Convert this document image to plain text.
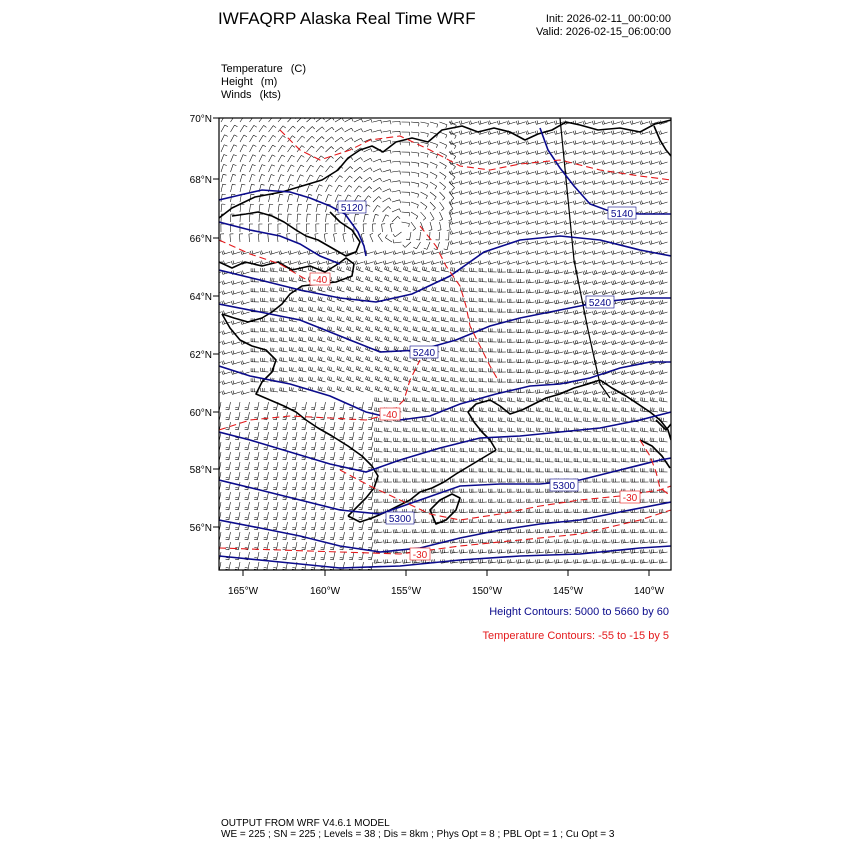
IWFAQRP Alaska Real Time WRF	Init: 2026-02-11_00:00:00
Valid: 2026-02-15_06:00:00
Temperature (C)
Height (m)
Winds (kts)
5120
5140
5240
5240
5300
5300
-40
-40
-30
-30
70°N
68°N
66°N
64°N
62°N
60°N
58°N
56°N
165°W	160°W	155°W	150°W	145°W	140°W
Height Contours: 5000 to 5660 by 60
Temperature Contours: -55 to -15 by 5
OUTPUT FROM WRF V4.6.1 MODEL
WE = 225 ; SN = 225 ; Levels = 38 ; Dis = 8km ; Phys Opt = 8 ; PBL Opt = 1 ; Cu Opt = 3
